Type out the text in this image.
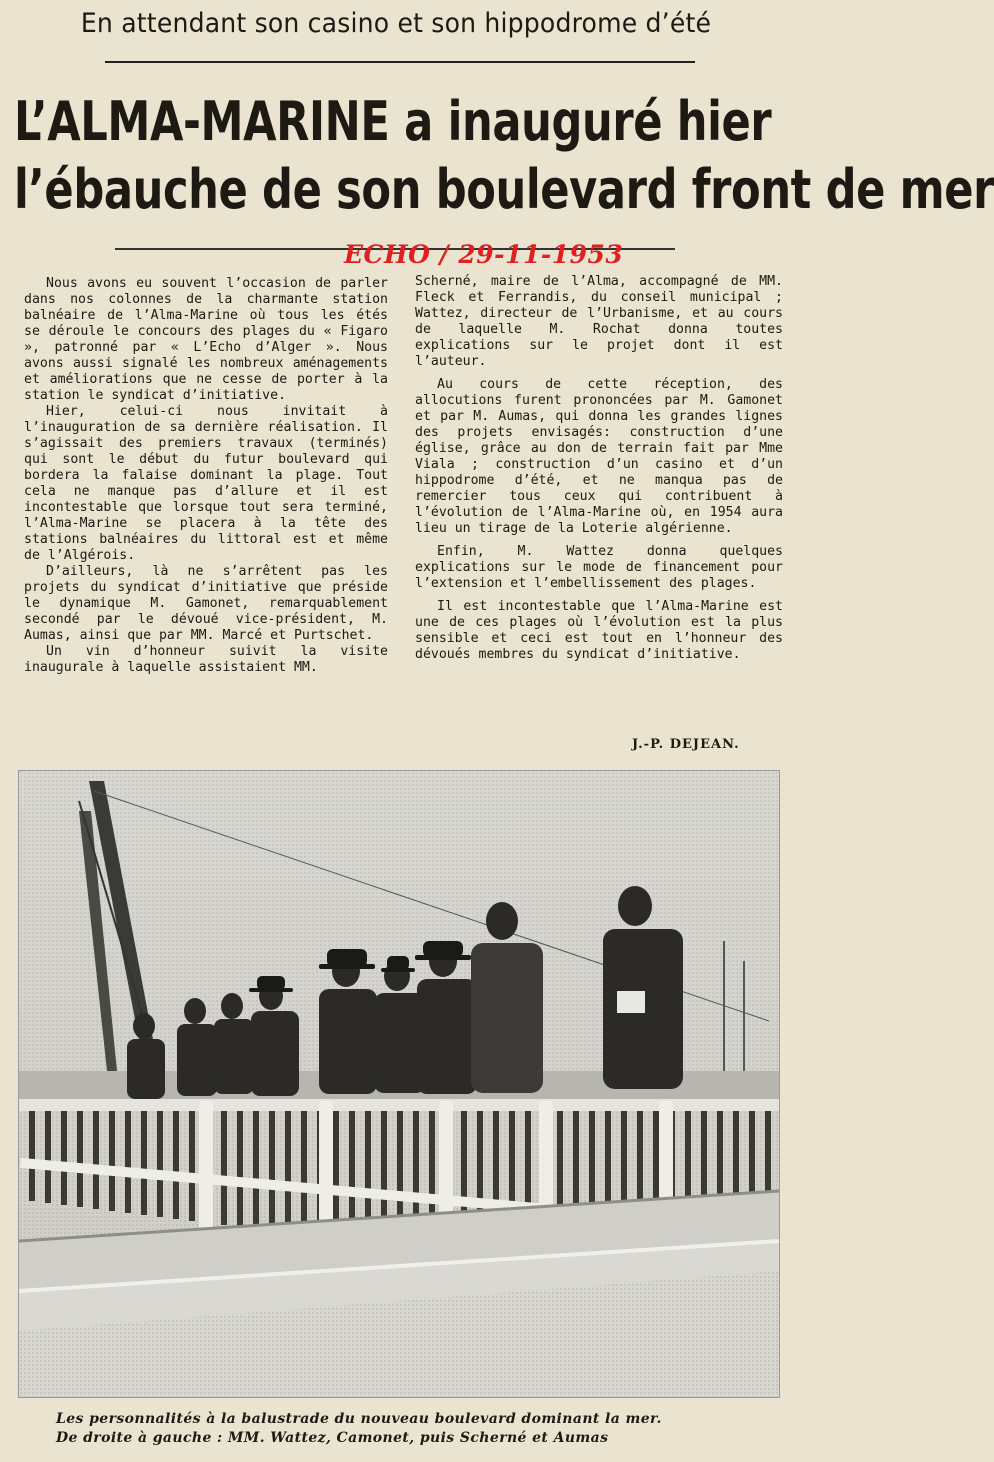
En attendant son casino et son hippodrome d’été
L’ALMA-MARINE a inauguré hier
l’ébauche de son boulevard front de mer
ECHO / 29-11-1953

Nous avons eu souvent l’occasion de parler dans nos colonnes de la charmante station balnéaire de l’Alma-Marine où tous les étés se déroule le concours des plages du « Figaro », patronné par « L’Echo d’Alger ». Nous avons aussi signalé les nombreux aménagements et améliorations que ne cesse de porter à la station le syndicat d’initiative.

Hier, celui-ci nous invitait à l’inauguration de sa dernière réalisation. Il s’agissait des premiers travaux (terminés) qui sont le début du futur boulevard qui bordera la falaise dominant la plage. Tout cela ne manque pas d’allure et il est incontestable que lorsque tout sera terminé, l’Alma-Marine se placera à la tête des stations balnéaires du littoral est et même de l’Algérois.

D’ailleurs, là ne s’arrêtent pas les projets du syndicat d’initiative que préside le dynamique M. Gamonet, remarquablement secondé par le dévoué vice-président, M. Aumas, ainsi que par MM. Marcé et Purtschet.

Un vin d’honneur suivit la visite inaugurale à laquelle assistaient MM.

Scherné, maire de l’Alma, accompagné de MM. Fleck et Ferrandis, du conseil municipal ; Wattez, directeur de l’Urbanisme, et au cours de laquelle M. Rochat donna toutes explications sur le projet dont il est l’auteur.

Au cours de cette réception, des allocutions furent prononcées par M. Gamonet et par M. Aumas, qui donna les grandes lignes des projets envisagés: construction d’une église, grâce au don de terrain fait par Mme Viala ; construction d’un casino et d’un hippodrome d’été, et ne manqua pas de remercier tous ceux qui contribuent à l’évolution de l’Alma-Marine où, en 1954 aura lieu un tirage de la Loterie algérienne.

Enfin, M. Wattez donna quelques explications sur le mode de financement pour l’extension et l’embellissement des plages.

Il est incontestable que l’Alma-Marine est une de ces plages où l’évolution est la plus sensible et ceci est tout en l’honneur des dévoués membres du syndicat d’initiative.

J.-P. DEJEAN.
Les personnalités à la balustrade du nouveau boulevard dominant la mer.
De droite à gauche : MM. Wattez, Camonet, puis Scherné et Aumas
